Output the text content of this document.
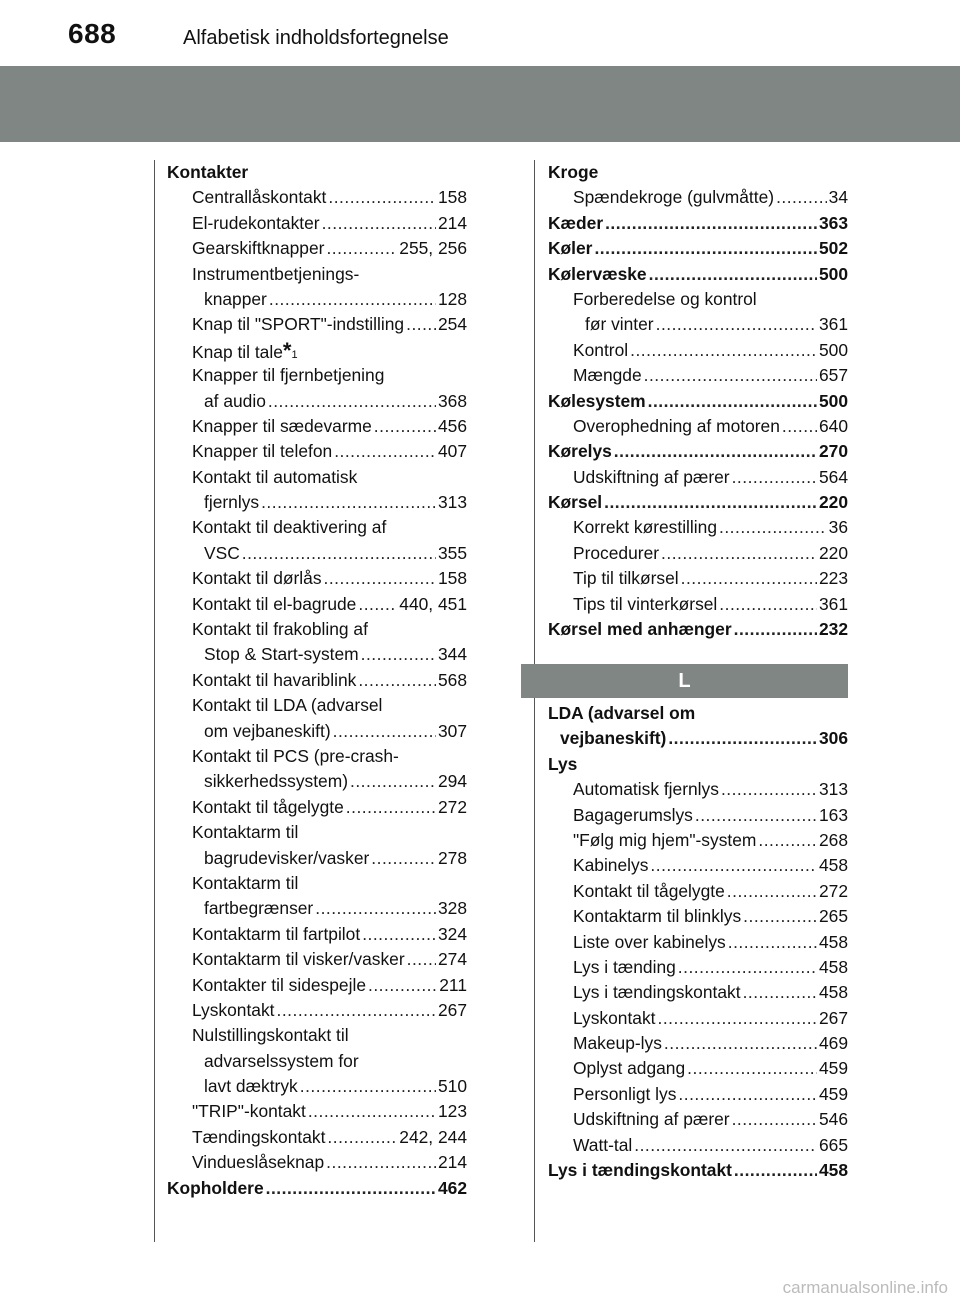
688	Alfabetisk indholdsfortegnelse
Kontakter
Centrallåskontakt .....	158
El-rudekontakter .....	214
Gearskiftknapper .....	255, 256
Instrumentbetjenings-
knapper .....	128
Knap til "SPORT"-indstilling ..... 254
Knap til tale * 1
Knapper til fjernbetjening
af audio .....	368
Knapper til sædevarme .....	456
Knapper til telefon .....	407
Kontakt til automatisk
fjernlys .....	313
Kontakt til deaktivering af
VSC .....	355
Kontakt til dørlås .....	158
Kontakt til el-bagrude ..... 440, 451
Kontakt til frakobling af
Stop & Start-system .....	344
Kontakt til havariblink .....	568
Kontakt til LDA (advarsel
om vejbaneskift) .....	307
Kontakt til PCS (pre-crash-
sikkerhedssystem) .....	294
Kontakt til tågelygte .....	272
Kontaktarm til
bagrudevisker/vasker .....	278
Kontaktarm til
fartbegrænser .....	328
Kontaktarm til fartpilot .....	324
Kontaktarm til visker/vasker ..... 274
Kontakter til sidespejle .....	211
Lyskontakt .....	267
Nulstillingskontakt til
advarselssystem for
lavt dæktryk .....	510
"TRIP"-kontakt .....	123
Tændingskontakt .....	242, 244
Vindueslåseknap .....	214
Kopholdere .....	462
Kroge
Spændekroge (gulvmåtte) .....	34
Kæder .....	363
Køler .....	502
Kølervæske .....	500
Forberedelse og kontrol
før vinter .....	361
Kontrol .....	500
Mængde .....	657
Kølesystem .....	500
Overophedning af motoren ..... 640
Kørelys .....	270
Udskiftning af pærer .....	564
Kørsel .....	220
Korrekt kørestilling .....	36
Procedurer .....	220
Tip til tilkørsel .....	223
Tips til vinterkørsel .....	361
Kørsel med anhænger .....	232
L
LDA (advarsel om
vejbaneskift) .....	306
Lys
Automatisk fjernlys .....	313
Bagagerumslys .....	163
"Følg mig hjem"-system .....	268
Kabinelys .....	458
Kontakt til tågelygte .....	272
Kontaktarm til blinklys .....	265
Liste over kabinelys .....	458
Lys i tænding .....	458
Lys i tændingskontakt .....	458
Lyskontakt .....	267
Makeup-lys .....	469
Oplyst adgang .....	459
Personligt lys .....	459
Udskiftning af pærer .....	546
Watt-tal .....	665
Lys i tændingskontakt .....	458
carmanualsonline.info
